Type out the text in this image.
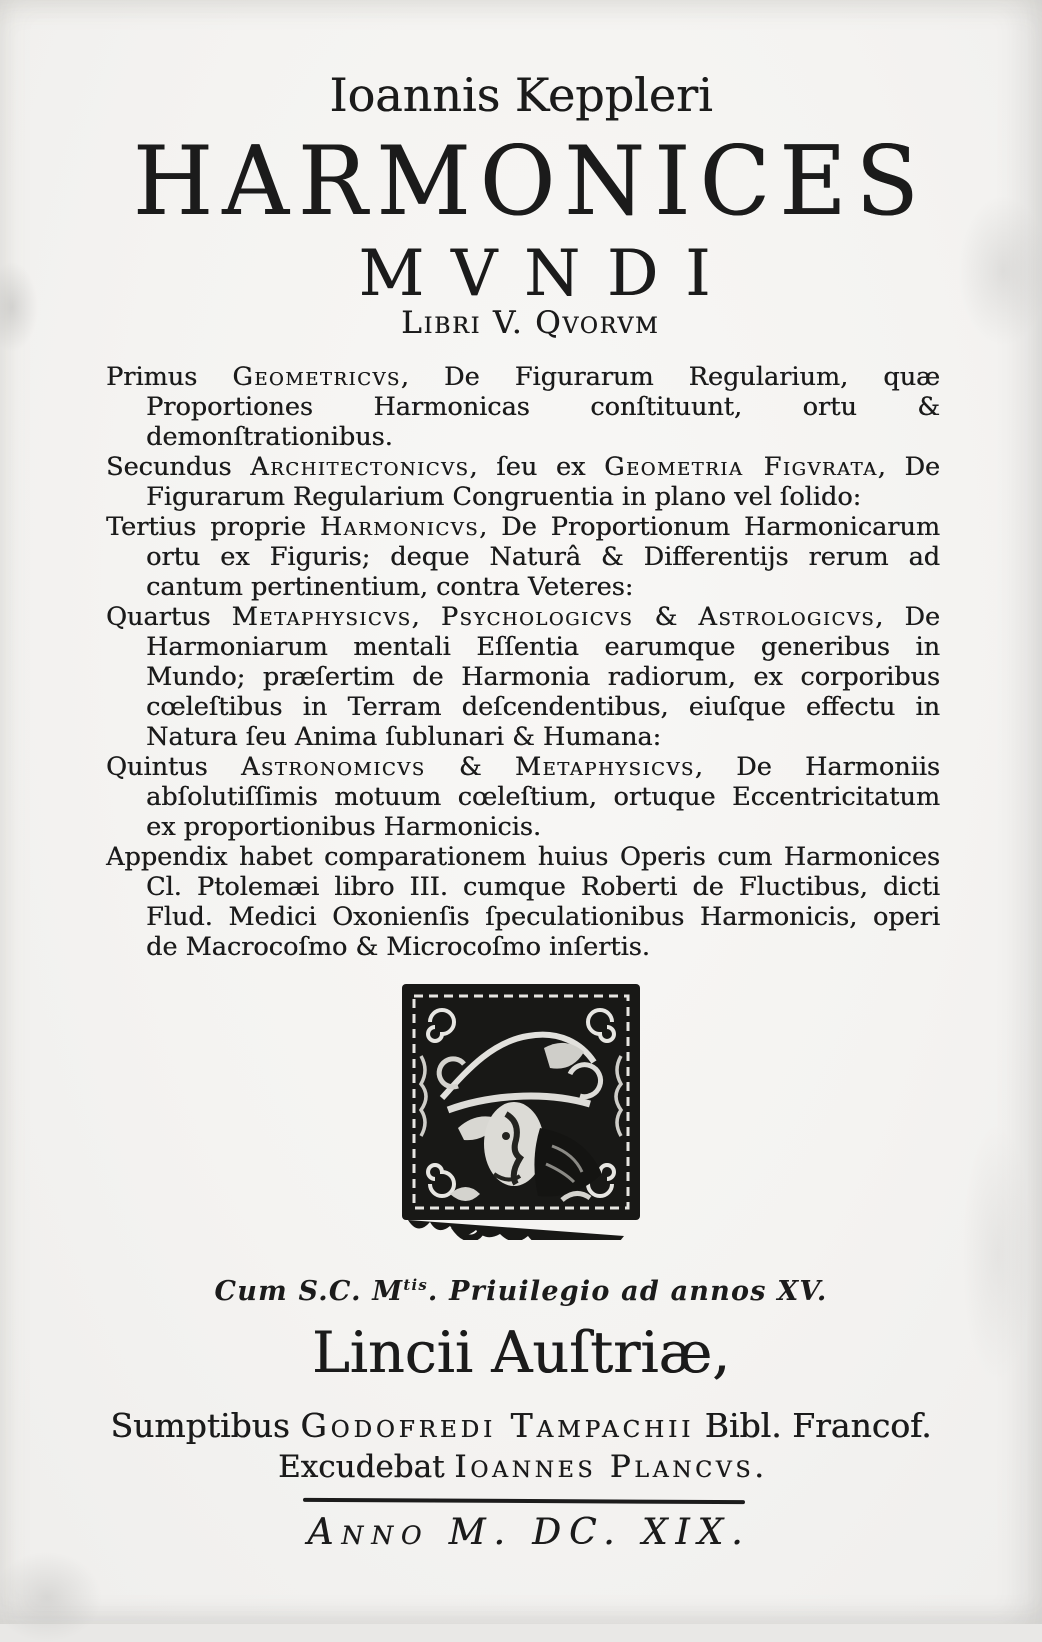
Ioannis Keppleri
HARMONICES
MVNDI
Libri V. Qvorvm

Primus Geometricvs, De Figurarum Regularium, quæ Proportiones Harmonicas conſtituunt, ortu & demonſtrationibus.

Secundus Architectonicvs, ſeu ex Geometria Figvrata, De Figurarum Regularium Congruentia in plano vel ſolido:

Tertius proprie Harmonicvs, De Proportionum Harmonicarum ortu ex Figuris; deque Naturâ & Differentijs rerum ad cantum pertinentium, contra Veteres:

Quartus Metaphysicvs, Psychologicvs & Astrologicvs, De Harmoniarum mentali Eſſentia earumque generibus in Mundo; præſertim de Harmonia radiorum, ex corporibus cœleſtibus in Terram deſcendentibus, eiuſque effectu in Natura ſeu Anima ſublunari & Humana:

Quintus Astronomicvs & Metaphysicvs, De Harmoniis abſolutiſſimis motuum cœleſtium, ortuque Eccentricitatum ex proportionibus Harmonicis.

Appendix habet comparationem huius Operis cum Harmonices Cl. Ptolemæi libro III. cumque Roberti de Fluctibus, dicti Flud. Medici Oxonienſis ſpeculationibus Harmonicis, operi de Macrocoſmo & Microcoſmo inſertis.

Cum S.C. $M^{tis}$. Priuilegio ad annos XV.
Lincii Auſtriæ,
Sumptibus Godofredi Tampachii Bibl. Francof.
Excudebat Ioannes Plancvs.
Anno M. DC. XIX.
